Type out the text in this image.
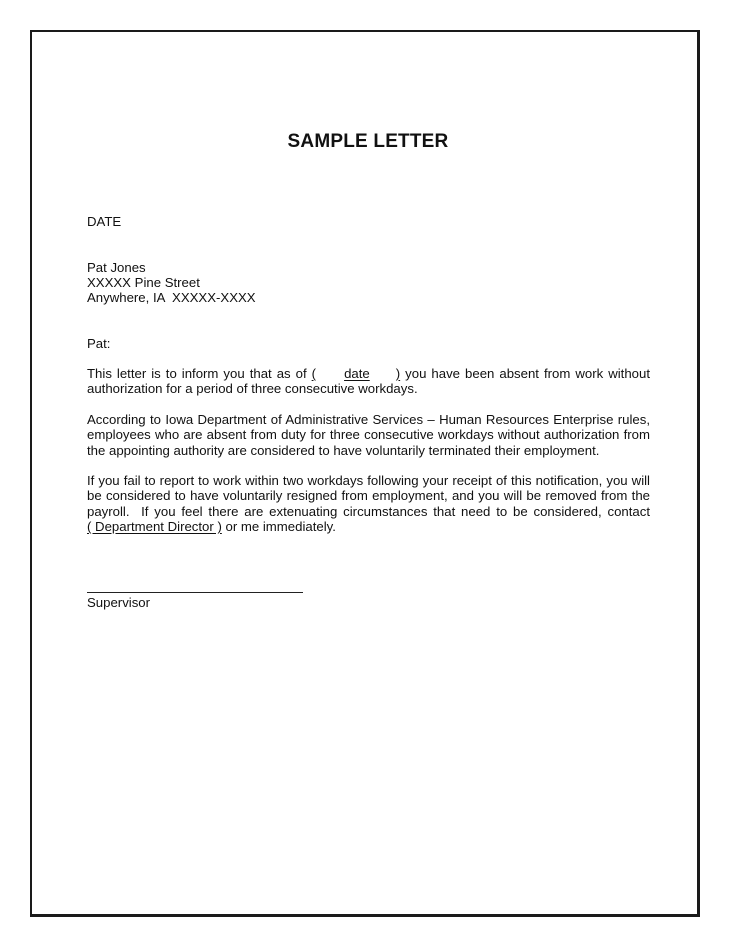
SAMPLE LETTER
DATE
Pat Jones
XXXXX Pine Street
Anywhere, IA  XXXXX-XXXX
Pat:
This letter is to inform you that as of ( date ) you have been absent from work without
authorization for a period of three consecutive workdays.
According to Iowa Department of Administrative Services – Human Resources Enterprise rules,
employees who are absent from duty for three consecutive workdays without authorization from
the appointing authority are considered to have voluntarily terminated their employment.
If you fail to report to work within two workdays following your receipt of this notification, you will
be considered to have voluntarily resigned from employment, and you will be removed from the
payroll.  If you feel there are extenuating circumstances that need to be considered, contact
( Department Director ) or me immediately.
Supervisor
